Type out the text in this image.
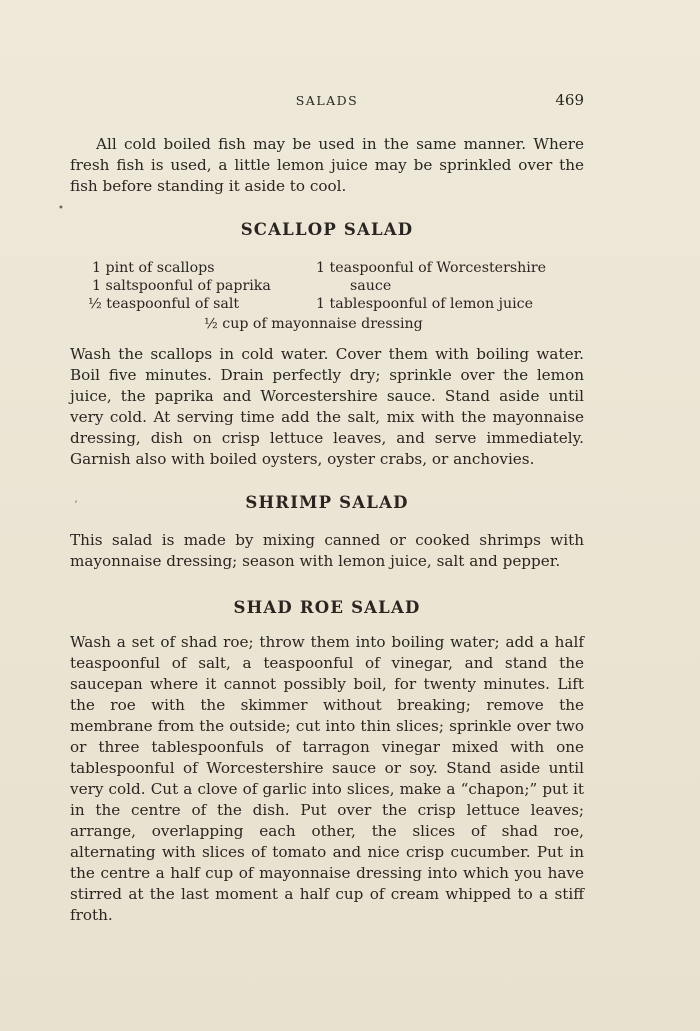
SALADS	469

All cold boiled fish may be used in the same manner. Where fresh fish is used, a little lemon juice may be sprinkled over the fish before standing it aside to cool.

•
SCALLOP SALAD
1 pint of scallops
1 saltspoonful of paprika
½ teaspoonful of salt
1 teaspoonful of Worcestershire
sauce
1 tablespoonful of lemon juice
½ cup of mayonnaise dressing

Wash the scallops in cold water. Cover them with boiling water. Boil five minutes. Drain perfectly dry; sprinkle over the lemon juice, the paprika and Worcestershire sauce. Stand aside until very cold. At serving time add the salt, mix with the mayonnaise dressing, dish on crisp lettuce leaves, and serve immediately. Garnish also with boiled oysters, oyster crabs, or anchovies.

ʼ	SHRIMP SALAD

This salad is made by mixing canned or cooked shrimps with mayonnaise dressing; season with lemon juice, salt and pepper.

SHAD ROE SALAD

Wash a set of shad roe; throw them into boiling water; add a half teaspoonful of salt, a teaspoonful of vinegar, and stand the saucepan where it cannot possibly boil, for twenty minutes. Lift the roe with the skimmer without breaking; remove the membrane from the outside; cut into thin slices; sprinkle over two or three tablespoonfuls of tarragon vinegar mixed with one tablespoonful of Worcestershire sauce or soy. Stand aside until very cold. Cut a clove of garlic into slices, make a “chapon;” put it in the centre of the dish. Put over the crisp lettuce leaves; arrange, overlapping each other, the slices of shad roe, alternating with slices of tomato and nice crisp cucumber. Put in the centre a half cup of mayonnaise dressing into which you have stirred at the last moment a half cup of cream whipped to a stiff froth.
